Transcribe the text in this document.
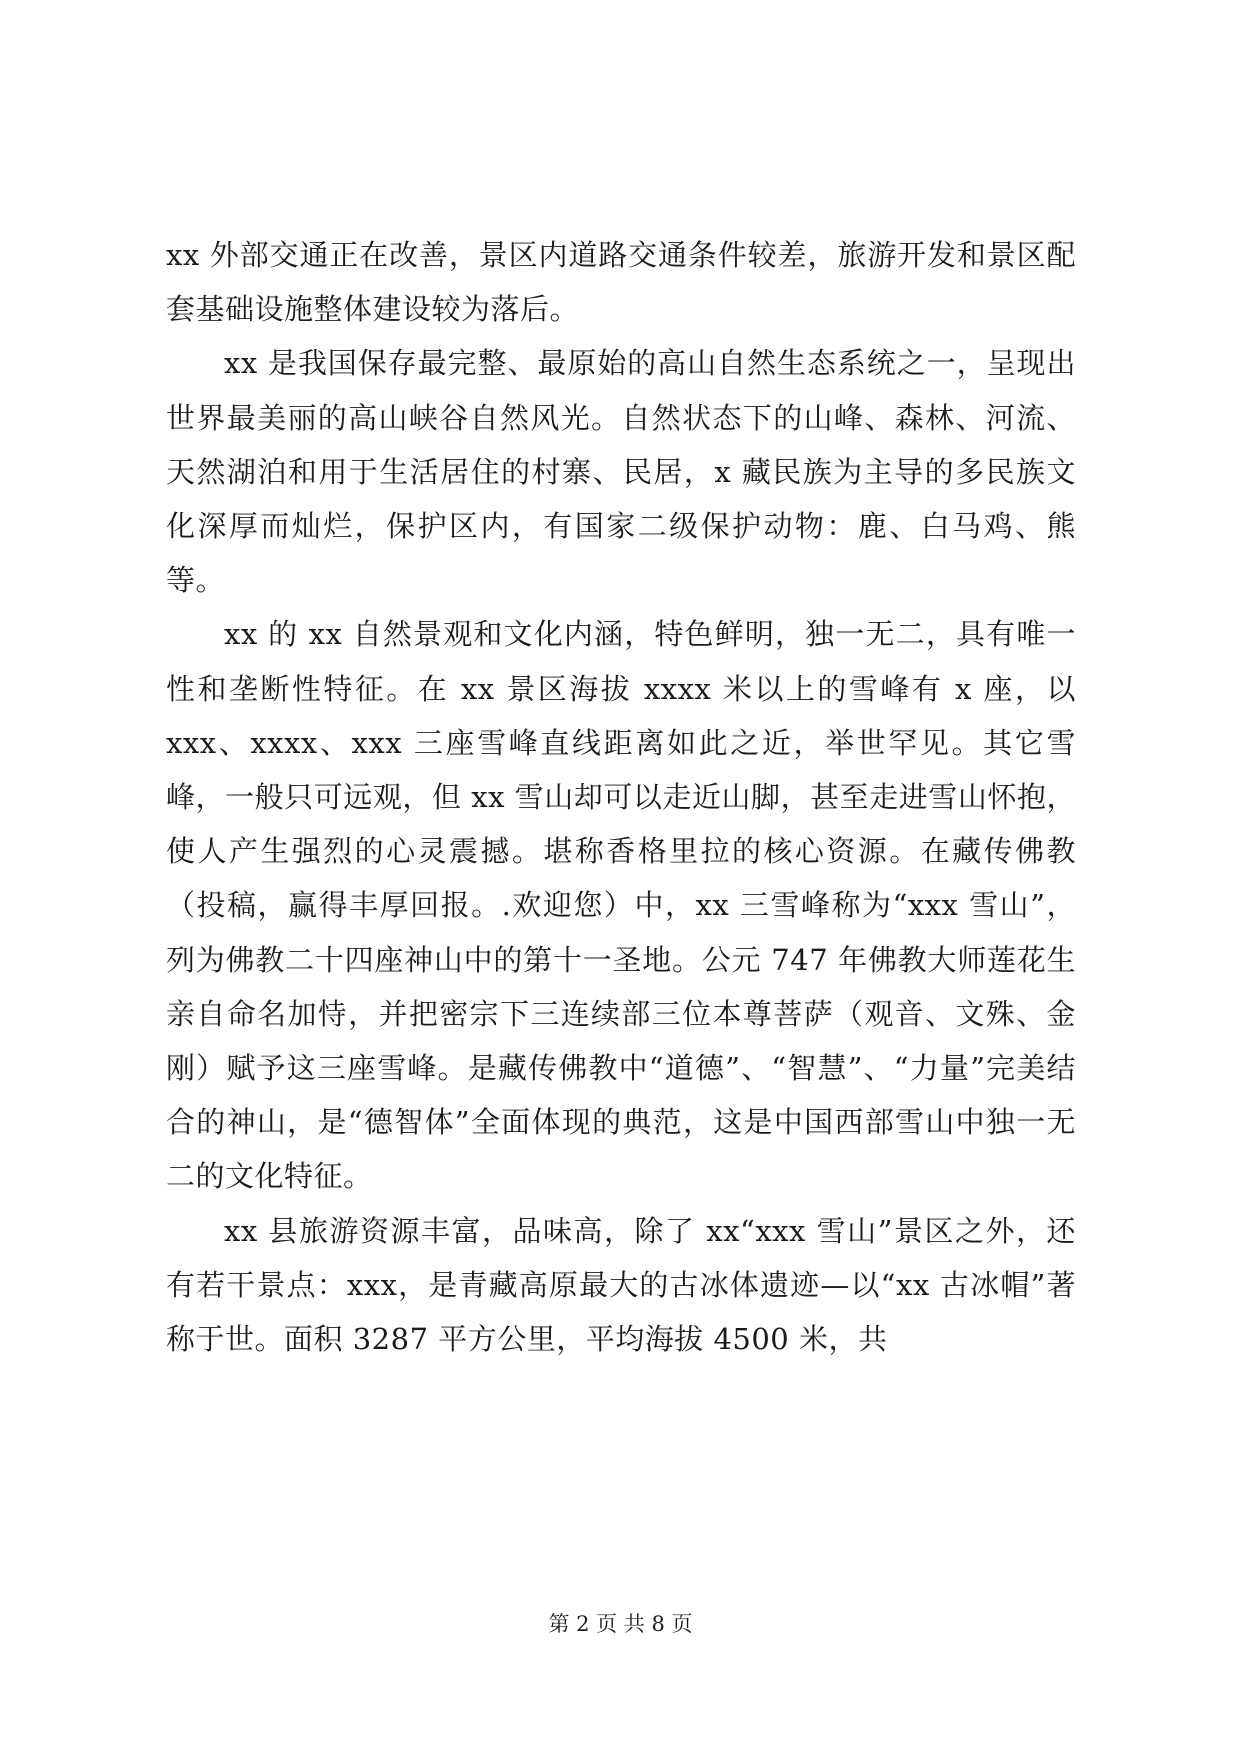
xx 外部交通正在改善，景区内道路交通条件较差，旅游开发和景区配套基础设施整体建设较为落后。

xx 是我国保存最完整、最原始的高山自然生态系统之一，呈现出世界最美丽的高山峡谷自然风光。自然状态下的山峰、森林、河流、天然湖泊和用于生活居住的村寨、民居，x 藏民族为主导的多民族文化深厚而灿烂，保护区内，有国家二级保护动物：鹿、白马鸡、熊等。

xx 的 xx 自然景观和文化内涵，特色鲜明，独一无二，具有唯一性和垄断性特征。在 xx 景区海拔 xxxx 米以上的雪峰有 x 座，以 xxx、xxxx、xxx 三座雪峰直线距离如此之近，举世罕见。其它雪峰，一般只可远观，但 xx 雪山却可以走近山脚，甚至走进雪山怀抱，使人产生强烈的心灵震撼。堪称香格里拉的核心资源。在藏传佛教（投稿，赢得丰厚回报。.欢迎您）中，xx 三雪峰称为“xxx 雪山”，列为佛教二十四座神山中的第十一圣地。公元 747 年佛教大师莲花生亲自命名加恃，并把密宗下三连续部三位本尊菩萨（观音、文殊、金刚）赋予这三座雪峰。是藏传佛教中“道德”、“智慧”、“力量”完美结合的神山，是“德智体”全面体现的典范，这是中国西部雪山中独一无二的文化特征。

xx 县旅游资源丰富，品味高，除了 xx“xxx 雪山”景区之外，还有若干景点：xxx，是青藏高原最大的古冰体遗迹—以“xx 古冰帽”著称于世。面积 3287 平方公里，平均海拔 4500 米，共

第 2 页 共 8 页
